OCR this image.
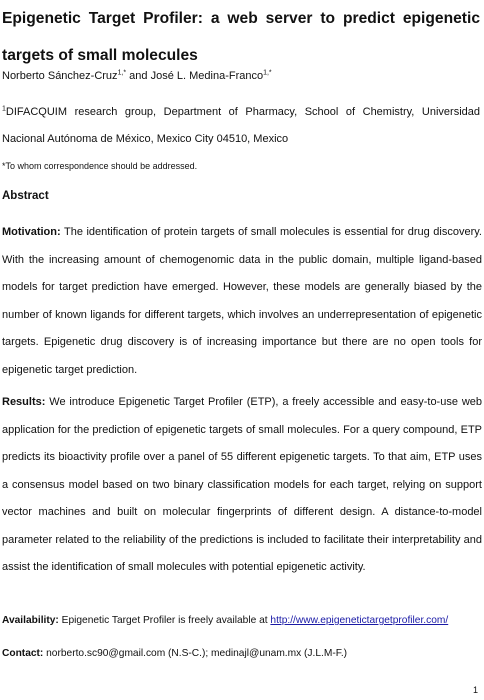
Epigenetic Target Profiler: a web server to predict epigenetic targets of small molecules

Norberto Sánchez-Cruz$^{1,*}$ and José L. Medina-Franco$^{1,*}$

$^1$DIFACQUIM research group, Department of Pharmacy, School of Chemistry, Universidad Nacional Autónoma de México, Mexico City 04510, Mexico

*To whom correspondence should be addressed.

Abstract

Motivation: The identification of protein targets of small molecules is essential for drug discovery. With the increasing amount of chemogenomic data in the public domain, multiple ligand-based models for target prediction have emerged. However, these models are generally biased by the number of known ligands for different targets, which involves an underrepresentation of epigenetic targets. Epigenetic drug discovery is of increasing importance but there are no open tools for epigenetic target prediction.

Results: We introduce Epigenetic Target Profiler (ETP), a freely accessible and easy-to-use web application for the prediction of epigenetic targets of small molecules. For a query compound, ETP predicts its bioactivity profile over a panel of 55 different epigenetic targets. To that aim, ETP uses a consensus model based on two binary classification models for each target, relying on support vector machines and built on molecular fingerprints of different design. A distance-to-model parameter related to the reliability of the predictions is included to facilitate their interpretability and assist the identification of small molecules with potential epigenetic activity.

Availability: Epigenetic Target Profiler is freely available at http://www.epigenetictargetprofiler.com/

Contact: norberto.sc90@gmail.com (N.S-C.); medinajl@unam.mx (J.L.M-F.)

1
